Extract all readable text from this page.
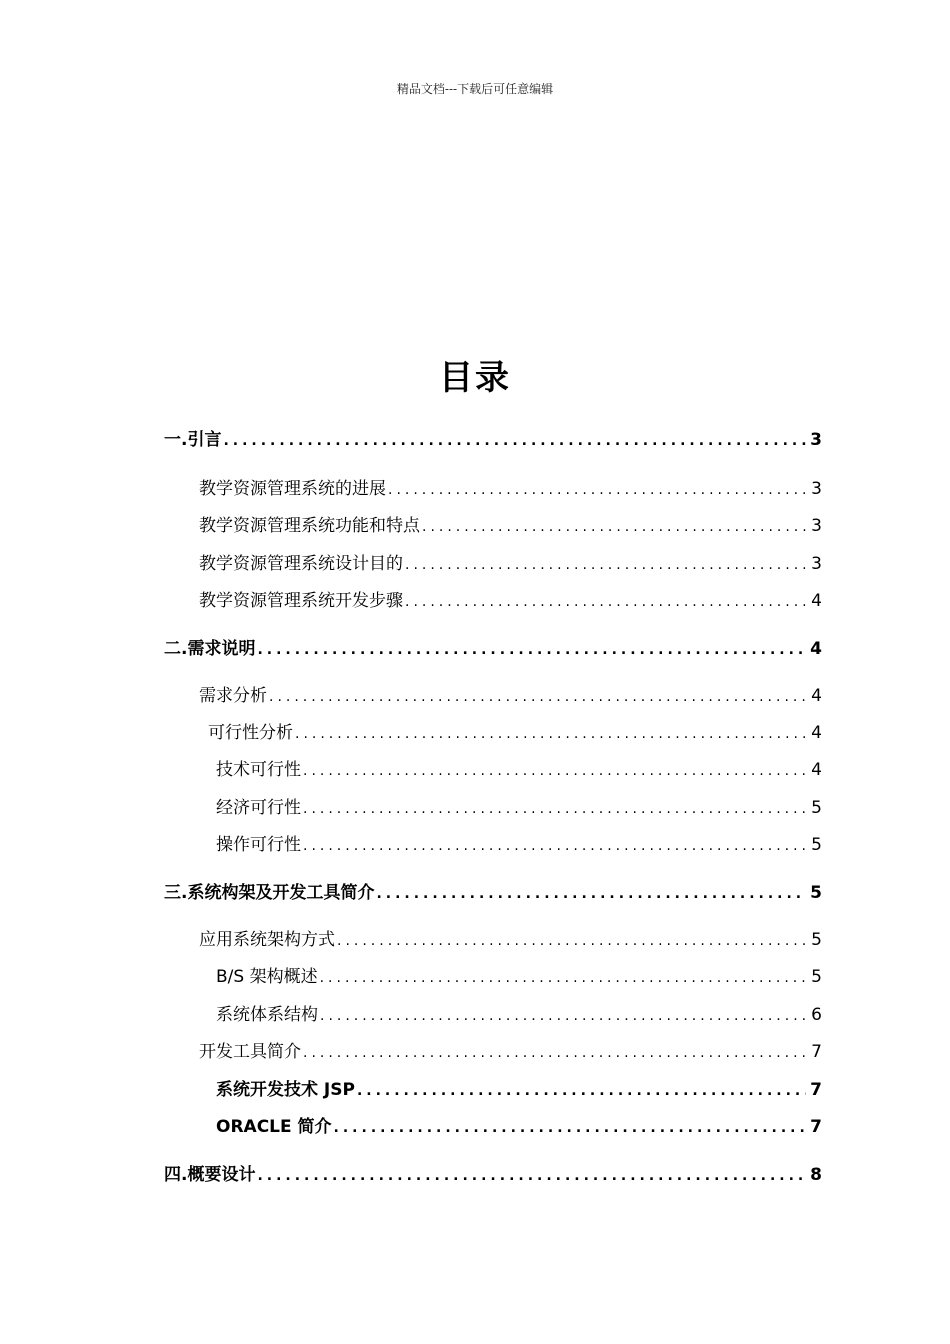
精品文档---下载后可任意编辑
目录
一. 引言 .....	3
教学资源管理系统的进展 .....	3
教学资源管理系统功能和特点 .....	3
教学资源管理系统设计目的 .....	3
教学资源管理系统开发步骤 .....	4
二. 需求说明 .....	4
需求分析 .....	4
可行性分析 .....	4
技术可行性 .....	4
经济可行性 .....	5
操作可行性 .....	5
三. 系统构架及开发工具简介 .....	5
应用系统架构方式 .....	5
B/S 架构概述 .....	5
系统体系结构 .....	6
开发工具简介 .....	7
系统开发技术 JSP .....	7
ORACLE 简介 .....	7
四. 概要设计 .....	8
